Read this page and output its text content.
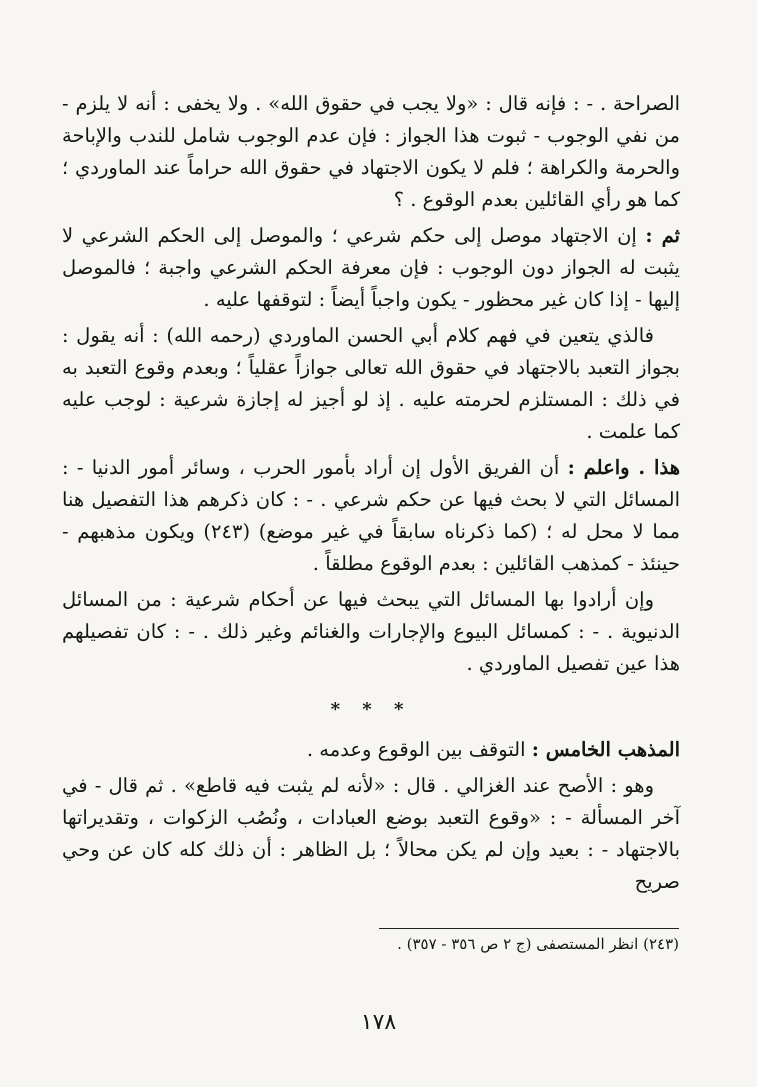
الصراحة . - : فإنه قال : «ولا يجب في حقوق الله» . ولا يخفى : أنه لا يلزم - من نفي الوجوب - ثبوت هذا الجواز : فإن عدم الوجوب شامل للندب والإباحة والحرمة والكراهة ؛ فلم لا يكون الاجتهاد في حقوق الله حراماً عند الماوردي ؛ كما هو رأي القائلين بعدم الوقوع . ؟

ثم : إن الاجتهاد موصل إلى حكم شرعي ؛ والموصل إلى الحكم الشرعي لا يثبت له الجواز دون الوجوب : فإن معرفة الحكم الشرعي واجبة ؛ فالموصل إليها - إذا كان غير محظور - يكون واجباً أيضاً : لتوقفها عليه .

فالذي يتعين في فهم كلام أبي الحسن الماوردي (رحمه الله) : أنه يقول : بجواز التعبد بالاجتهاد في حقوق الله تعالى جوازاً عقلياً ؛ وبعدم وقوع التعبد به في ذلك : المستلزم لحرمته عليه . إذ لو أجيز له إجازة شرعية : لوجب عليه كما علمت .

هذا . واعلم : أن الفريق الأول إن أراد بأمور الحرب ، وسائر أمور الدنيا - : المسائل التي لا بحث فيها عن حكم شرعي . - : كان ذكرهم هذا التفصيل هنا مما لا محل له ؛ (كما ذكرناه سابقاً في غير موضع) (٢٤٣) ويكون مذهبهم - حينئذ - كمذهب القائلين : بعدم الوقوع مطلقاً .

وإن أرادوا بها المسائل التي يبحث فيها عن أحكام شرعية : من المسائل الدنيوية . - : كمسائل البيوع والإجارات والغنائم وغير ذلك . - : كان تفصيلهم هذا عين تفصيل الماوردي .

* * *

المذهب الخامس : التوقف بين الوقوع وعدمه .

وهو : الأصح عند الغزالي . قال : «لأنه لم يثبت فيه قاطع» . ثم قال - في آخر المسألة - : «وقوع التعبد بوضع العبادات ، ونُصُب الزكوات ، وتقديراتها بالاجتهاد - : بعيد وإن لم يكن محالاً ؛ بل الظاهر : أن ذلك كله كان عن وحي صريح

(٢٤٣) انظر المستصفى (ج ٢ ص ٣٥٦ - ٣٥٧) .
١٧٨
